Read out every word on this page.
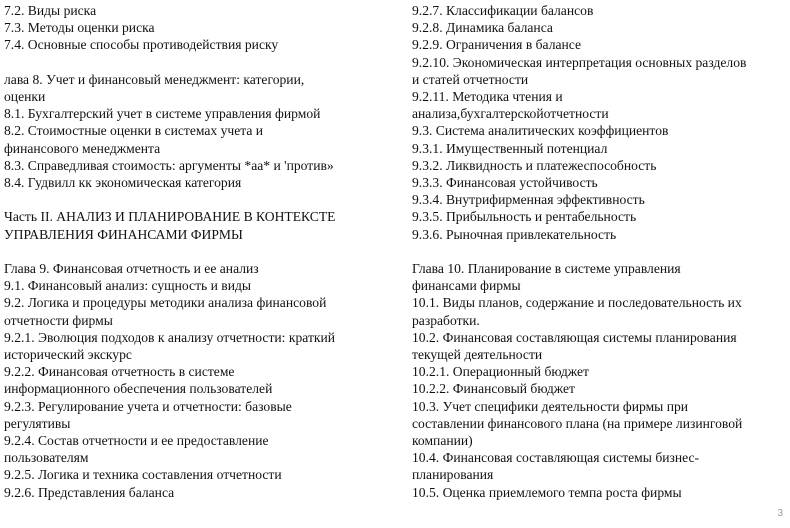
7.2. Виды риска
7.3. Методы оценки риска
7.4. Основные способы противодействия риску
лава 8. Учет и финансовый менеджмент: категории,
оценки
8.1. Бухгалтерский учет в системе управления фирмой
8.2. Стоимостные оценки в системах учета и
финансового менеджмента
8.3. Справедливая стоимость: аргументы *аа* и 'против»
8.4. Гудвилл кк экономическая категория
Часть II. АНАЛИЗ И ПЛАНИРОВАНИЕ В КОНТЕКСТЕ
УПРАВЛЕНИЯ ФИНАНСАМИ ФИРМЫ
Глава 9. Финансовая отчетность и ее анализ
9.1. Финансовый анализ: сущность и виды
9.2. Логика и процедуры методики анализа финансовой
отчетности фирмы
9.2.1. Эволюция подходов к анализу отчетности: краткий
исторический экскурс
9.2.2. Финансовая отчетность в системе
информационного обеспечения пользователей
9.2.3. Регулирование учета и отчетности: базовые
регулятивы
9.2.4. Состав отчетности и ее предоставление
пользователям
9.2.5. Логика и техника составления отчетности
9.2.6. Представления баланса
9.2.7. Классификации балансов
9.2.8. Динамика баланса
9.2.9. Ограничения в балансе
9.2.10. Экономическая интерпретация основных разделов
и статей отчетности
9.2.11. Методика чтения и
анализа,бухгалтерскойотчетности
9.3. Система аналитических коэффициентов
9.3.1. Имущественный потенциал
9.3.2. Ликвидность и платежеспособность
9.3.3. Финансовая устойчивость
9.3.4. Внутрифирменная эффективность
9.3.5. Прибыльность и рентабельность
9.3.6. Рыночная привлекательность
Глава 10. Планирование в системе управления
финансами фирмы
10.1. Виды планов, содержание и последовательность их
разработки.
10.2. Финансовая составляющая системы планирования
текущей деятельности
10.2.1. Операционный бюджет
10.2.2. Финансовый бюджет
10.3. Учет специфики деятельности фирмы при
составлении финансового плана (на примере лизинговой
компании)
10.4. Финансовая составляющая системы бизнес-
планирования
10.5. Оценка приемлемого темпа роста фирмы
3
